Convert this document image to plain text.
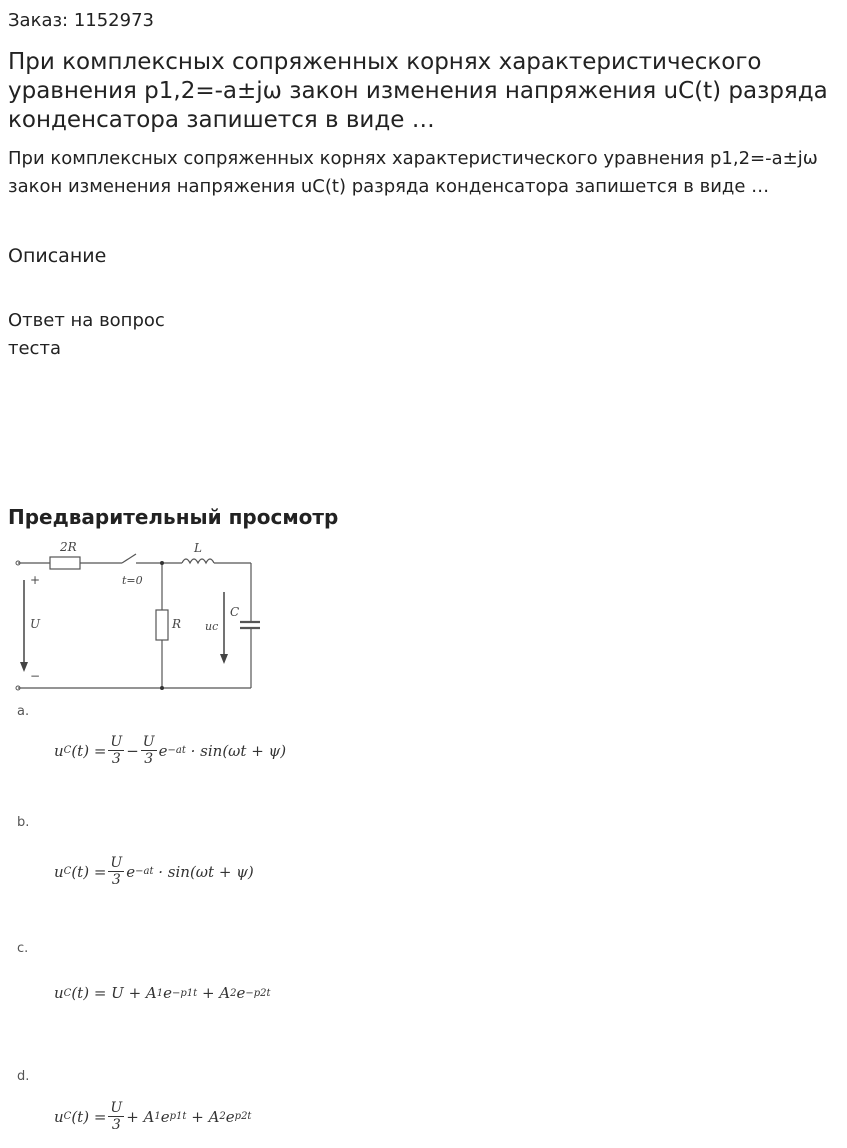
Заказ: 1152973
При комплексных сопряженных корнях характеристического уравнения p1,2=-a±jω закон изменения напряжения uC(t) разряда конденсатора запишется в виде …

При комплексных сопряженных корнях характеристического уравнения p1,2=-a±jω закон изменения напряжения uC(t) разряда конденсатора запишется в виде …

Описание
Ответ на вопрос теста
Предварительный просмотр
2R	L
+
−
U
t=0
R
C
uc
a.
u C $(t) = \frac{U}{3} - \frac{U}{3}$ e −at
· sin(ωt + ψ)
b.
u C $(t) = \frac{U}{3}$ e −at
· sin(ωt + ψ)
c.
u C (t) = U + A 1 e −p1t
+ A 2 e −p2t
d.
u C $(t) = \frac{U}{3} + A$ 1 e p1t
+ A 2 e p2t
